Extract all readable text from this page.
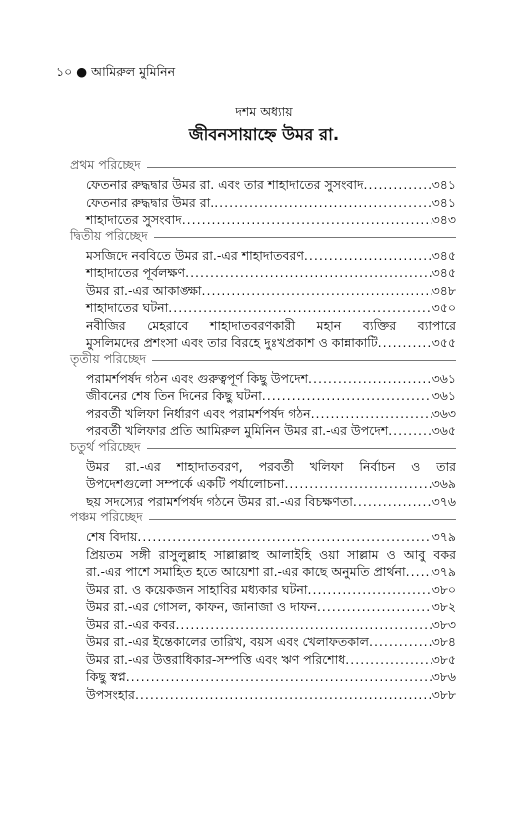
১০ ● আমিরুল মুমিনিন
দশম অধ্যায়
জীবনসায়াহ্নে উমর রা.
প্রথম পরিচ্ছেদ
ফেতনার রুদ্ধদ্বার উমর রা. এবং তার শাহাদাতের সুসংবাদ .....	৩৪১
ফেতনার রুদ্ধদ্বার উমর রা. .....	৩৪১
শাহাদাতের সুসংবাদ .....	৩৪৩
দ্বিতীয় পরিচ্ছেদ
মসজিদে নববিতে উমর রা.-এর শাহাদাতবরণ .....	৩৪৫
শাহাদাতের পূর্বলক্ষণ .....	৩৪৫
উমর রা.-এর আকাঙ্ক্ষা .....	৩৪৮
শাহাদাতের ঘটনা .....	৩৫০
নবীজির মেহরাবে শাহাদাতবরণকারী মহান ব্যক্তির ব্যাপারে
মুসলিমদের প্রশংসা এবং তার বিরহে দুঃখপ্রকাশ ও কান্নাকাটি .....	৩৫৫
তৃতীয় পরিচ্ছেদ
পরামর্শপর্ষদ গঠন এবং গুরুত্বপূর্ণ কিছু উপদেশ .....	৩৬১
জীবনের শেষ তিন দিনের কিছু ঘটনা .....	৩৬১
পরবর্তী খলিফা নির্ধারণ এবং পরামর্শপর্ষদ গঠন .....	৩৬৩
পরবর্তী খলিফার প্রতি আমিরুল মুমিনিন উমর রা.-এর উপদেশ .....	৩৬৫
চতুর্থ পরিচ্ছেদ
উমর রা.-এর শাহাদাতবরণ, পরবর্তী খলিফা নির্বাচন ও তার
উপদেশগুলো সম্পর্কে একটি পর্যালোচনা .....	৩৬৯
ছয় সদস্যের পরামর্শপর্ষদ গঠনে উমর রা.-এর বিচক্ষণতা .....	৩৭৬
পঞ্চম পরিচ্ছেদ
শেষ বিদায় .....	৩৭৯
প্রিয়তম সঙ্গী রাসুলুল্লাহ সাল্লাল্লাহু আলাইহি ওয়া সাল্লাম ও আবু বকর
রা.-এর পাশে সমাহিত হতে আয়েশা রা.-এর কাছে অনুমতি প্রার্থনা ..... ৩৭৯
উমর রা. ও কয়েকজন সাহাবির মধ্যকার ঘটনা .....	৩৮০
উমর রা.-এর গোসল, কাফন, জানাজা ও দাফন .....	৩৮২
উমর রা.-এর কবর .....	৩৮৩
উমর রা.-এর ইন্তেকালের তারিখ, বয়স এবং খেলাফতকাল .....	৩৮৪
উমর রা.-এর উত্তরাধিকার-সম্পত্তি এবং ঋণ পরিশোধ .....	৩৮৫
কিছু স্বপ্ন .....	৩৮৬
উপসংহার .....	৩৮৮
